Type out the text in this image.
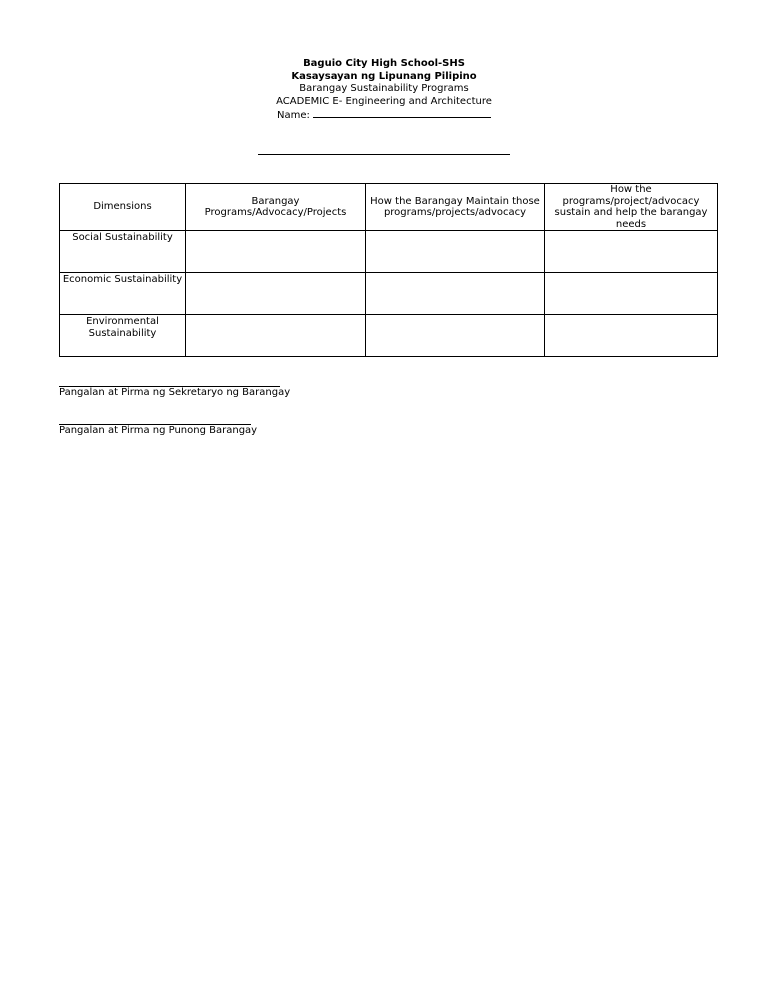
Baguio City High School-SHS
Kasaysayan ng Lipunang Pilipino
Barangay Sustainability Programs
ACADEMIC E- Engineering and Architecture
Name:
Dimensions	Barangay Programs/Advocacy/Projects	How the Barangay Maintain those programs/projects/advocacy	How the programs/project/advocacy sustain and help the barangay needs
Social Sustainability			
Economic Sustainability			
Environmental Sustainability			
Pangalan at Pirma ng Sekretaryo ng Barangay
Pangalan at Pirma ng Punong Barangay
